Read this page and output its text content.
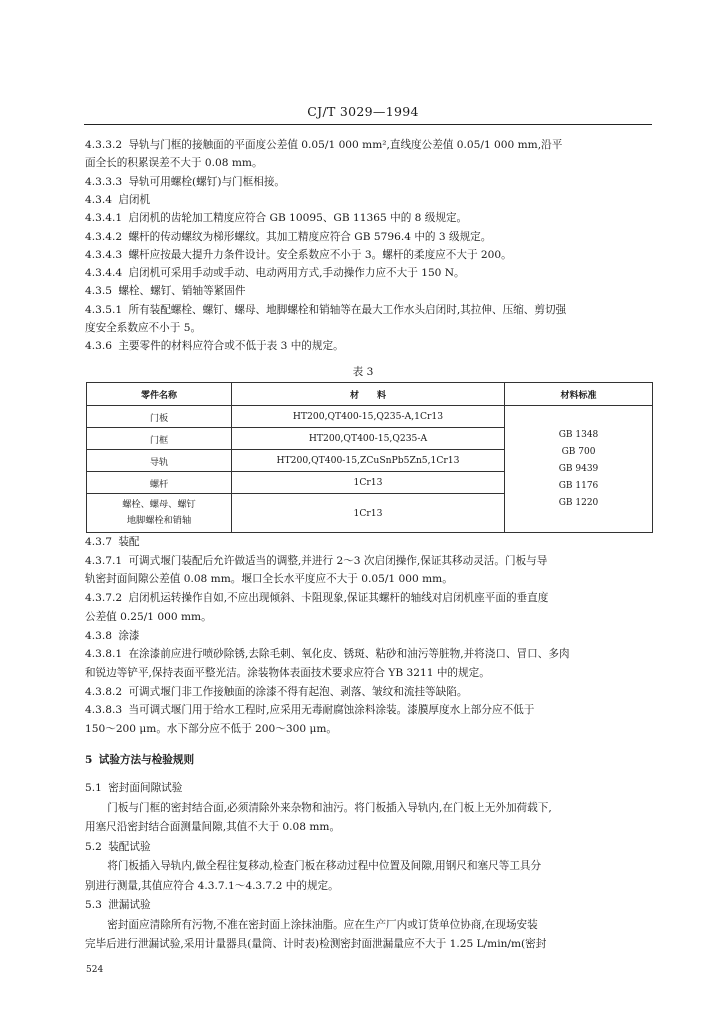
CJ/T 3029—1994
4.3.3.2 导轨与门框的接触面的平面度公差值 0.05/1 000 mm²,直线度公差值 0.05/1 000 mm,沿平
面全长的积累误差不大于 0.08 mm。
4.3.3.3 导轨可用螺栓(螺钉)与门框相接。
4.3.4 启闭机
4.3.4.1 启闭机的齿轮加工精度应符合 GB 10095、GB 11365 中的 8 级规定。
4.3.4.2 螺杆的传动螺纹为梯形螺纹。其加工精度应符合 GB 5796.4 中的 3 级规定。
4.3.4.3 螺杆应按最大提升力条件设计。安全系数应不小于 3。螺杆的柔度应不大于 200。
4.3.4.4 启闭机可采用手动或手动、电动两用方式,手动操作力应不大于 150 N。
4.3.5 螺栓、螺钉、销轴等紧固件
4.3.5.1 所有装配螺栓、螺钉、螺母、地脚螺栓和销轴等在最大工作水头启闭时,其拉伸、压缩、剪切强
度安全系数应不小于 5。
4.3.6 主要零件的材料应符合或不低于表 3 中的规定。
表 3
零件名称	材　　料	材料标准
门板	HT200,QT400-15,Q235-A,1Cr13	GB 1348
GB 700
GB 9439
GB 1176
GB 1220

门框	HT200,QT400-15,Q235-A	
导轨	HT200,QT400-15,ZCuSnPb5Zn5,1Cr13	
螺杆	1Cr13	

螺栓、螺母、螺钉
地脚螺栓和销轴	1Cr13	
4.3.7 装配
4.3.7.1 可调式堰门装配后允许做适当的调整,并进行 2～3 次启闭操作,保证其移动灵活。门板与导
轨密封面间隙公差值 0.08 mm。堰口全长水平度应不大于 0.05/1 000 mm。
4.3.7.2 启闭机运转操作自如,不应出现倾斜、卡阻现象,保证其螺杆的轴线对启闭机座平面的垂直度
公差值 0.25/1 000 mm。
4.3.8 涂漆
4.3.8.1 在涂漆前应进行喷砂除锈,去除毛刺、氧化皮、锈斑、粘砂和油污等脏物,并将浇口、冒口、多肉
和锐边等铲平,保持表面平整光洁。涂装物体表面技术要求应符合 YB 3211 中的规定。
4.3.8.2 可调式堰门非工作接触面的涂漆不得有起泡、剥落、皱纹和流挂等缺陷。
4.3.8.3 当可调式堰门用于给水工程时,应采用无毒耐腐蚀涂料涂装。漆膜厚度水上部分应不低于
150～200 μm。水下部分应不低于 200～300 μm。
5 试验方法与检验规则
5.1 密封面间隙试验
门板与门框的密封结合面,必须清除外来杂物和油污。将门板插入导轨内,在门板上无外加荷载下,
用塞尺沿密封结合面测量间隙,其值不大于 0.08 mm。
5.2 装配试验
将门板插入导轨内,做全程往复移动,检查门板在移动过程中位置及间隙,用钢尺和塞尺等工具分
别进行测量,其值应符合 4.3.7.1～4.3.7.2 中的规定。
5.3 泄漏试验
密封面应清除所有污物,不准在密封面上涂抹油脂。应在生产厂内或订货单位协商,在现场安装
完毕后进行泄漏试验,采用计量器具(量筒、计时表)检测密封面泄漏量应不大于 1.25 L/min/m(密封
524
